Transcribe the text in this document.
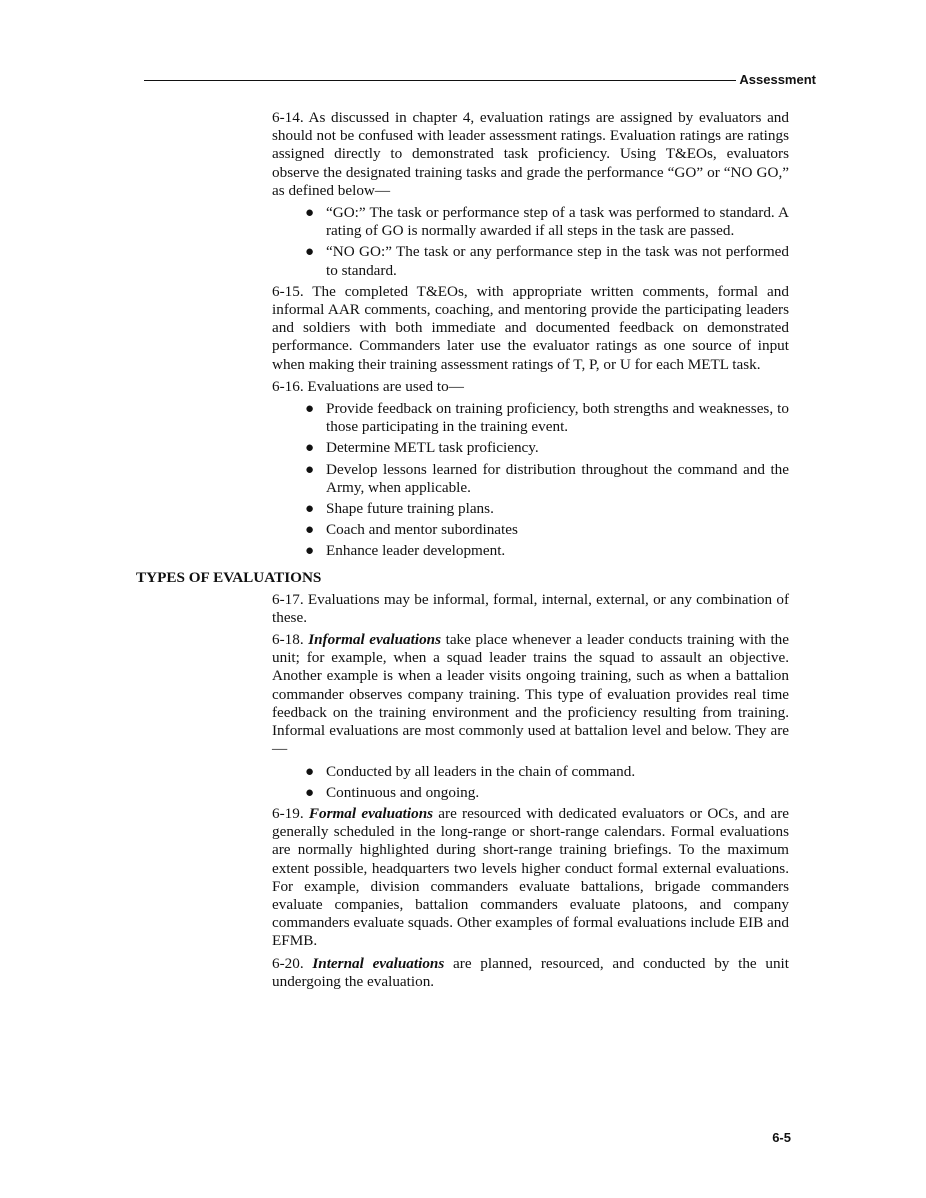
Assessment

6-14. As discussed in chapter 4, evaluation ratings are assigned by evaluators and should not be confused with leader assessment ratings. Evaluation ratings are ratings assigned directly to demonstrated task proficiency. Using T&EOs, evaluators observe the designated training tasks and grade the performance “GO” or “NO GO,” as defined below—

● “GO:” The task or performance step of a task was performed to standard. A rating of GO is normally awarded if all steps in the task are passed.
● “NO GO:” The task or any performance step in the task was not performed to standard.

6-15. The completed T&EOs, with appropriate written comments, formal and informal AAR comments, coaching, and mentoring provide the participating leaders and soldiers with both immediate and documented feedback on demonstrated performance. Commanders later use the evaluator ratings as one source of input when making their training assessment ratings of T, P, or U for each METL task.

6-16. Evaluations are used to—

● Provide feedback on training proficiency, both strengths and weaknesses, to those participating in the training event.
● Determine METL task proficiency.
● Develop lessons learned for distribution throughout the command and the Army, when applicable.
● Shape future training plans.
● Coach and mentor subordinates
● Enhance leader development.
TYPES OF EVALUATIONS

6-17. Evaluations may be informal, formal, internal, external, or any combination of these.

6-18. Informal evaluations take place whenever a leader conducts training with the unit; for example, when a squad leader trains the squad to assault an objective. Another example is when a leader visits ongoing training, such as when a battalion commander observes company training. This type of evaluation provides real time feedback on the training environment and the proficiency resulting from training. Informal evaluations are most commonly used at battalion level and below. They are—

● Conducted by all leaders in the chain of command.
● Continuous and ongoing.

6-19. Formal evaluations are resourced with dedicated evaluators or OCs, and are generally scheduled in the long-range or short-range calendars. Formal evaluations are normally highlighted during short-range training briefings. To the maximum extent possible, headquarters two levels higher conduct formal external evaluations. For example, division commanders evaluate battalions, brigade commanders evaluate companies, battalion commanders evaluate platoons, and company commanders evaluate squads. Other examples of formal evaluations include EIB and EFMB.

6-20. Internal evaluations are planned, resourced, and conducted by the unit undergoing the evaluation.

6-5
